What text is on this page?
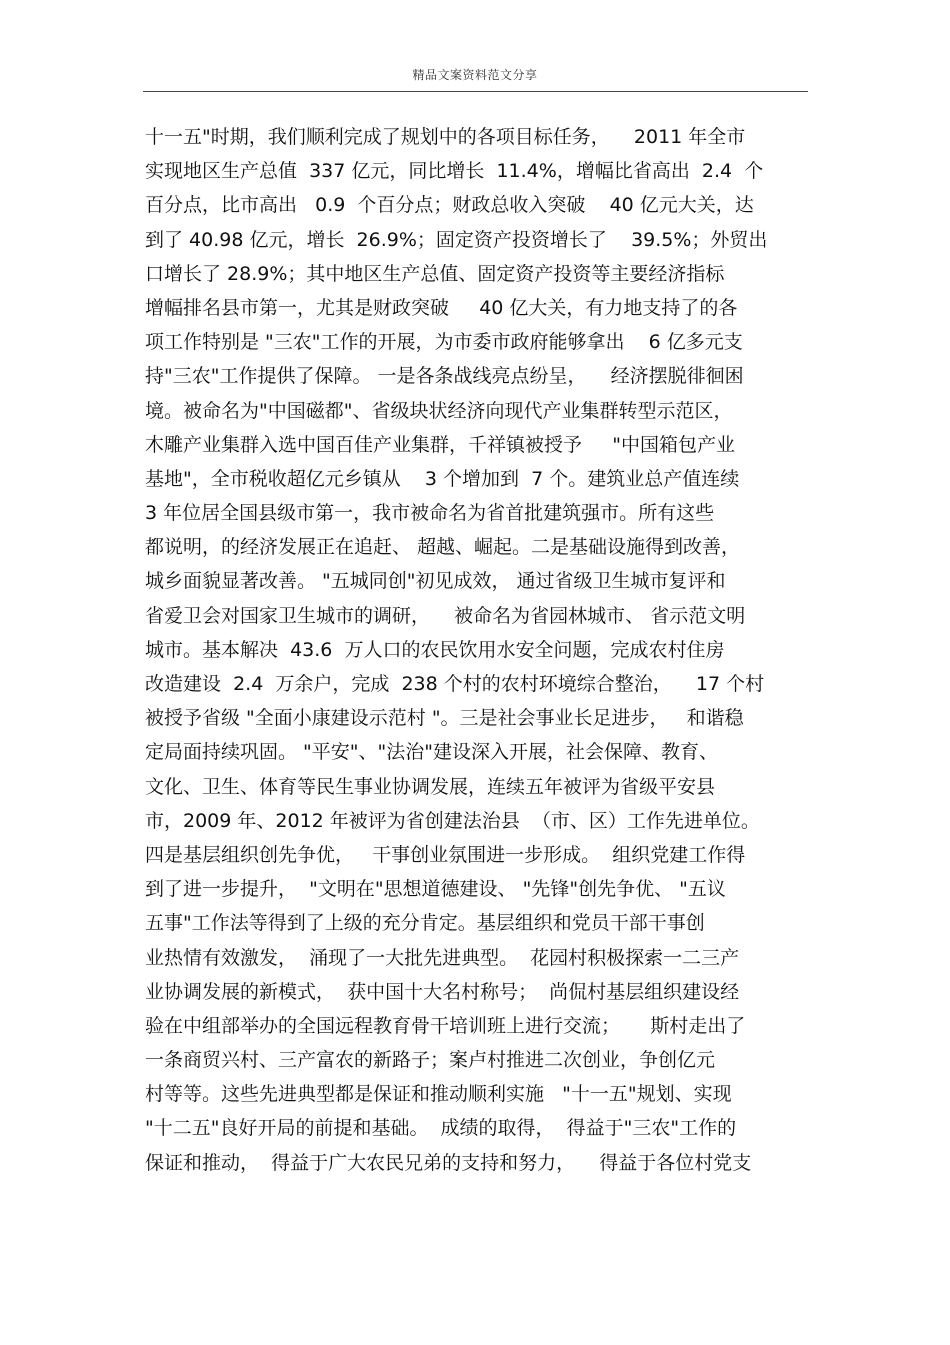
精品文案资料范文分享
十一五"时期，我们顺利完成了规划中的各项目标任务，    2011 年全市
实现地区生产总值  337 亿元，同比增长  11.4%，增幅比省高出  2.4  个
百分点，比市高出   0.9  个百分点；财政总收入突破    40 亿元大关，达
到了 40.98 亿元，增长  26.9%；固定资产投资增长了    39.5%；外贸出
口增长了 28.9%；其中地区生产总值、固定资产投资等主要经济指标
增幅排名县市第一，尤其是财政突破     40 亿大关，有力地支持了的各
项工作特别是 "三农"工作的开展，为市委市政府能够拿出    6 亿多元支
持"三农"工作提供了保障。 一是各条战线亮点纷呈，    经济摆脱徘徊困
境。被命名为"中国磁都"、省级块状经济向现代产业集群转型示范区，
木雕产业集群入选中国百佳产业集群，千祥镇被授予     "中国箱包产业
基地"，全市税收超亿元乡镇从    3 个增加到  7 个。建筑业总产值连续
3 年位居全国县级市第一，我市被命名为省首批建筑强市。所有这些
都说明，的经济发展正在追赶、 超越、崛起。二是基础设施得到改善，
城乡面貌显著改善。 "五城同创"初见成效， 通过省级卫生城市复评和
省爱卫会对国家卫生城市的调研，    被命名为省园林城市、 省示范文明
城市。基本解决  43.6  万人口的农民饮用水安全问题，完成农村住房
改造建设  2.4  万余户，完成  238 个村的农村环境综合整治，    17 个村
被授予省级 "全面小康建设示范村 "。三是社会事业长足进步，   和谐稳
定局面持续巩固。 "平安"、"法治"建设深入开展，社会保障、教育、
文化、卫生、体育等民生事业协调发展，连续五年被评为省级平安县
市，2009 年、2012 年被评为省创建法治县  （市、区）工作先进单位。
四是基层组织创先争优，   干事创业氛围进一步形成。  组织党建工作得
到了进一步提升，  "文明在"思想道德建设、 "先锋"创先争优、 "五议
五事"工作法等得到了上级的充分肯定。基层组织和党员干部干事创
业热情有效激发，  涌现了一大批先进典型。  花园村积极探索一二三产
业协调发展的新模式，  获中国十大名村称号；  尚侃村基层组织建设经
验在中组部举办的全国远程教育骨干培训班上进行交流；     斯村走出了
一条商贸兴村、三产富农的新路子；案卢村推进二次创业，争创亿元
村等等。这些先进典型都是保证和推动顺利实施   "十一五"规划、实现
"十二五"良好开局的前提和基础。  成绩的取得，  得益于"三农"工作的
保证和推动，  得益于广大农民兄弟的支持和努力，    得益于各位村党支
